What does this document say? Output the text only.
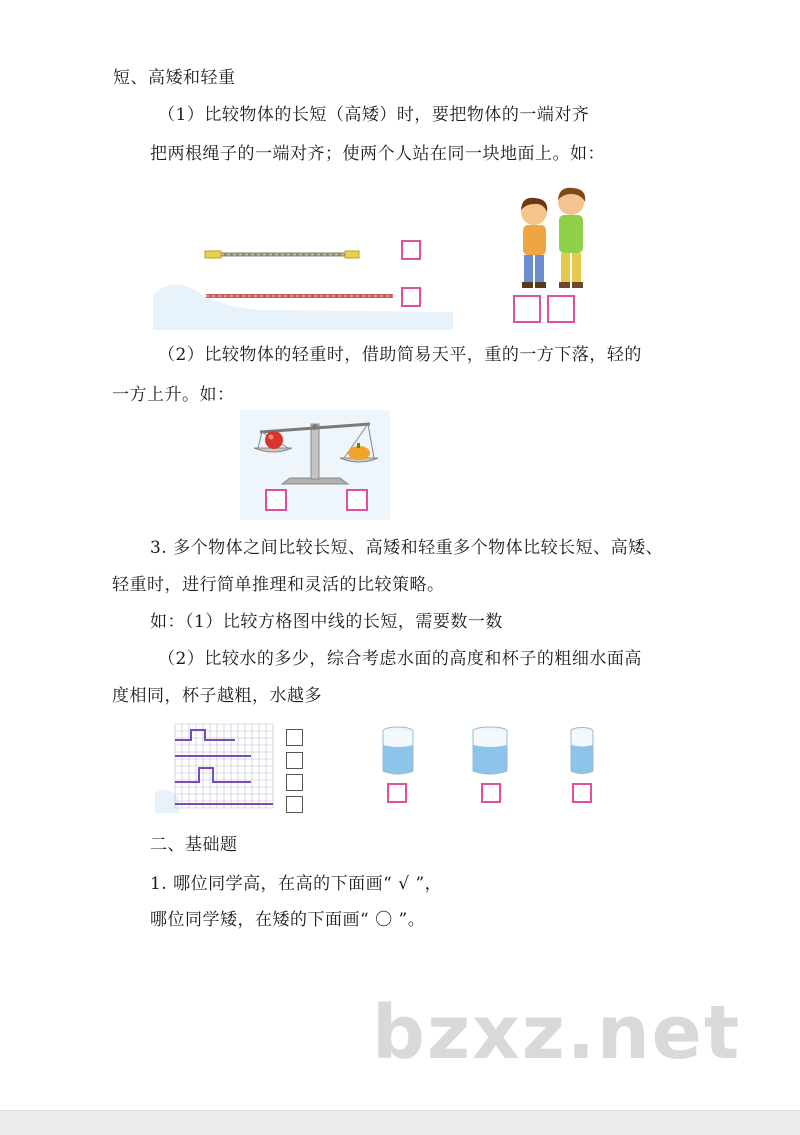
短、高矮和轻重
（1）比较物体的长短（高矮）时，要把物体的一端对齐
把两根绳子的一端对齐；使两个人站在同一块地面上。如：
（2）比较物体的轻重时，借助简易天平，重的一方下落，轻的
一方上升。如：
3. 多个物体之间比较长短、高矮和轻重多个物体比较长短、高矮、
轻重时，进行简单推理和灵活的比较策略。
如：（1）比较方格图中线的长短，需要数一数
（2）比较水的多少，综合考虑水面的高度和杯子的粗细水面高
度相同，杯子越粗，水越多
二、基础题
1. 哪位同学高，在高的下面画“ √ ”，
哪位同学矮，在矮的下面画“ 〇 ”。
bzxz.net
